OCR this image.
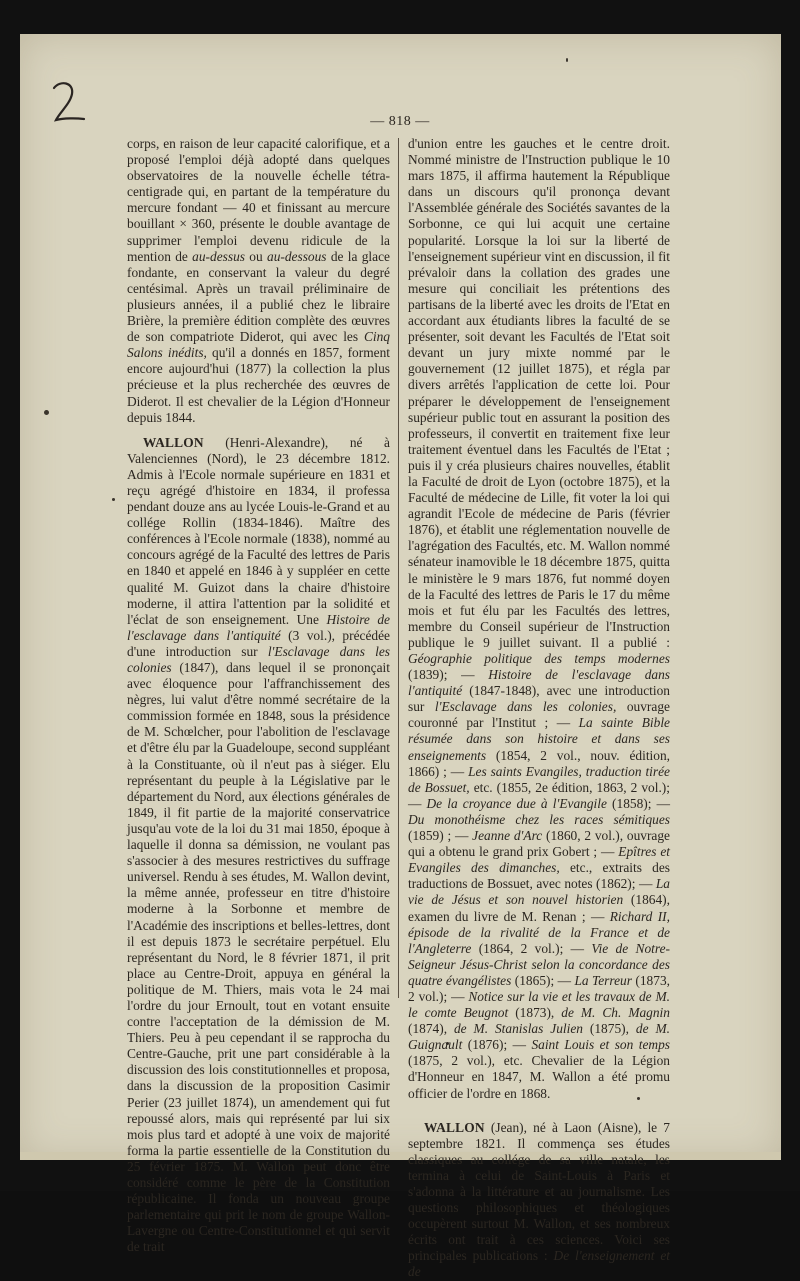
— 818 —

corps, en raison de leur capacité calorifique, et a proposé l'emploi déjà adopté dans quelques observatoires de la nouvelle échelle tétra-centigrade qui, en partant de la température du mercure fondant — 40 et finissant au mercure bouillant × 360, présente le double avantage de supprimer l'emploi devenu ridicule de la mention de au-dessus ou au-dessous de la glace fondante, en conservant la valeur du degré centésimal. Après un travail préliminaire de plusieurs années, il a publié chez le libraire Brière, la première édition complète des œuvres de son compatriote Diderot, qui avec les Cinq Salons inédits, qu'il a donnés en 1857, forment encore aujourd'hui (1877) la collection la plus précieuse et la plus recherchée des œuvres de Diderot. Il est chevalier de la Légion d'Honneur depuis 1844.

WALLON (Henri-Alexandre), né à Valenciennes (Nord), le 23 décembre 1812. Admis à l'Ecole normale supérieure en 1831 et reçu agrégé d'histoire en 1834, il professa pendant douze ans au lycée Louis-le-Grand et au collége Rollin (1834-1846). Maître des conférences à l'Ecole normale (1838), nommé au concours agrégé de la Faculté des lettres de Paris en 1840 et appelé en 1846 à y suppléer en cette qualité M. Guizot dans la chaire d'histoire moderne, il attira l'attention par la solidité et l'éclat de son enseignement. Une Histoire de l'esclavage dans l'antiquité (3 vol.), précédée d'une introduction sur l'Esclavage dans les colonies (1847), dans lequel il se prononçait avec éloquence pour l'affranchissement des nègres, lui valut d'être nommé secrétaire de la commission formée en 1848, sous la présidence de M. Schœlcher, pour l'abolition de l'esclavage et d'être élu par la Guadeloupe, second suppléant à la Constituante, où il n'eut pas à siéger. Elu représentant du peuple à la Législative par le département du Nord, aux élections générales de 1849, il fit partie de la majorité conservatrice jusqu'au vote de la loi du 31 mai 1850, époque à laquelle il donna sa démission, ne voulant pas s'associer à des mesures restrictives du suffrage universel. Rendu à ses études, M. Wallon devint, la même année, professeur en titre d'histoire moderne à la Sorbonne et membre de l'Académie des inscriptions et belles-lettres, dont il est depuis 1873 le secrétaire perpétuel. Elu représentant du Nord, le 8 février 1871, il prit place au Centre-Droit, appuya en général la politique de M. Thiers, mais vota le 24 mai l'ordre du jour Ernoult, tout en votant ensuite contre l'acceptation de la démission de M. Thiers. Peu à peu cependant il se rapprocha du Centre-Gauche, prit une part considérable à la discussion des lois constitutionnelles et proposa, dans la discussion de la proposition Casimir Perier (23 juillet 1874), un amendement qui fut repoussé alors, mais qui représenté par lui six mois plus tard et adopté à une voix de majorité forma la partie essentielle de la Constitution du 25 février 1875. M. Wallon peut donc être considéré comme le père de la Constitution républicaine. Il fonda un nouveau groupe parlementaire qui prit le nom de groupe Wallon-Lavergne ou Centre-Constitutionnel et qui servit de trait

d'union entre les gauches et le centre droit. Nommé ministre de l'Instruction publique le 10 mars 1875, il affirma hautement la République dans un discours qu'il prononça devant l'Assemblée générale des Sociétés savantes de la Sorbonne, ce qui lui acquit une certaine popularité. Lorsque la loi sur la liberté de l'enseignement supérieur vint en discussion, il fit prévaloir dans la collation des grades une mesure qui conciliait les prétentions des partisans de la liberté avec les droits de l'Etat en accordant aux étudiants libres la faculté de se présenter, soit devant les Facultés de l'Etat soit devant un jury mixte nommé par le gouvernement (12 juillet 1875), et régla par divers arrêtés l'application de cette loi. Pour préparer le développement de l'enseignement supérieur public tout en assurant la position des professeurs, il convertit en traitement fixe leur traitement éventuel dans les Facultés de l'Etat ; puis il y créa plusieurs chaires nouvelles, établit la Faculté de droit de Lyon (octobre 1875), et la Faculté de médecine de Lille, fit voter la loi qui agrandit l'Ecole de médecine de Paris (février 1876), et établit une réglementation nouvelle de l'agrégation des Facultés, etc. M. Wallon nommé sénateur inamovible le 18 décembre 1875, quitta le ministère le 9 mars 1876, fut nommé doyen de la Faculté des lettres de Paris le 17 du même mois et fut élu par les Facultés des lettres, membre du Conseil supérieur de l'Instruction publique le 9 juillet suivant. Il a publié : Géographie politique des temps modernes (1839); — Histoire de l'esclavage dans l'antiquité (1847-1848), avec une introduction sur l'Esclavage dans les colonies, ouvrage couronné par l'Institut ; — La sainte Bible résumée dans son histoire et dans ses enseignements (1854, 2 vol., nouv. édition, 1866) ; — Les saints Evangiles, traduction tirée de Bossuet, etc. (1855, 2e édition, 1863, 2 vol.); — De la croyance due à l'Evangile (1858); — Du monothéisme chez les races sémitiques (1859) ; — Jeanne d'Arc (1860, 2 vol.), ouvrage qui a obtenu le grand prix Gobert ; — Epîtres et Evangiles des dimanches, etc., extraits des traductions de Bossuet, avec notes (1862); — La vie de Jésus et son nouvel historien (1864), examen du livre de M. Renan ; — Richard II, épisode de la rivalité de la France et de l'Angleterre (1864, 2 vol.); — Vie de Notre-Seigneur Jésus-Christ selon la concordance des quatre évangélistes (1865); — La Terreur (1873, 2 vol.); — Notice sur la vie et les travaux de M. le comte Beugnot (1873), de M. Ch. Magnin (1874), de M. Stanislas Julien (1875), de M. Guignault (1876); — Saint Louis et son temps (1875, 2 vol.), etc. Chevalier de la Légion d'Honneur en 1847, M. Wallon a été promu officier de l'ordre en 1868.

WALLON (Jean), né à Laon (Aisne), le 7 septembre 1821. Il commença ses études classiques au collége de sa ville natale, les termina à celui de Saint-Louis à Paris et s'adonna à la littérature et au journalisme. Les questions philosophiques et théologiques occupèrent surtout M. Wallon, et ses nombreux écrits ont trait à ces sciences. Voici ses principales publications : De l'enseignement et de
